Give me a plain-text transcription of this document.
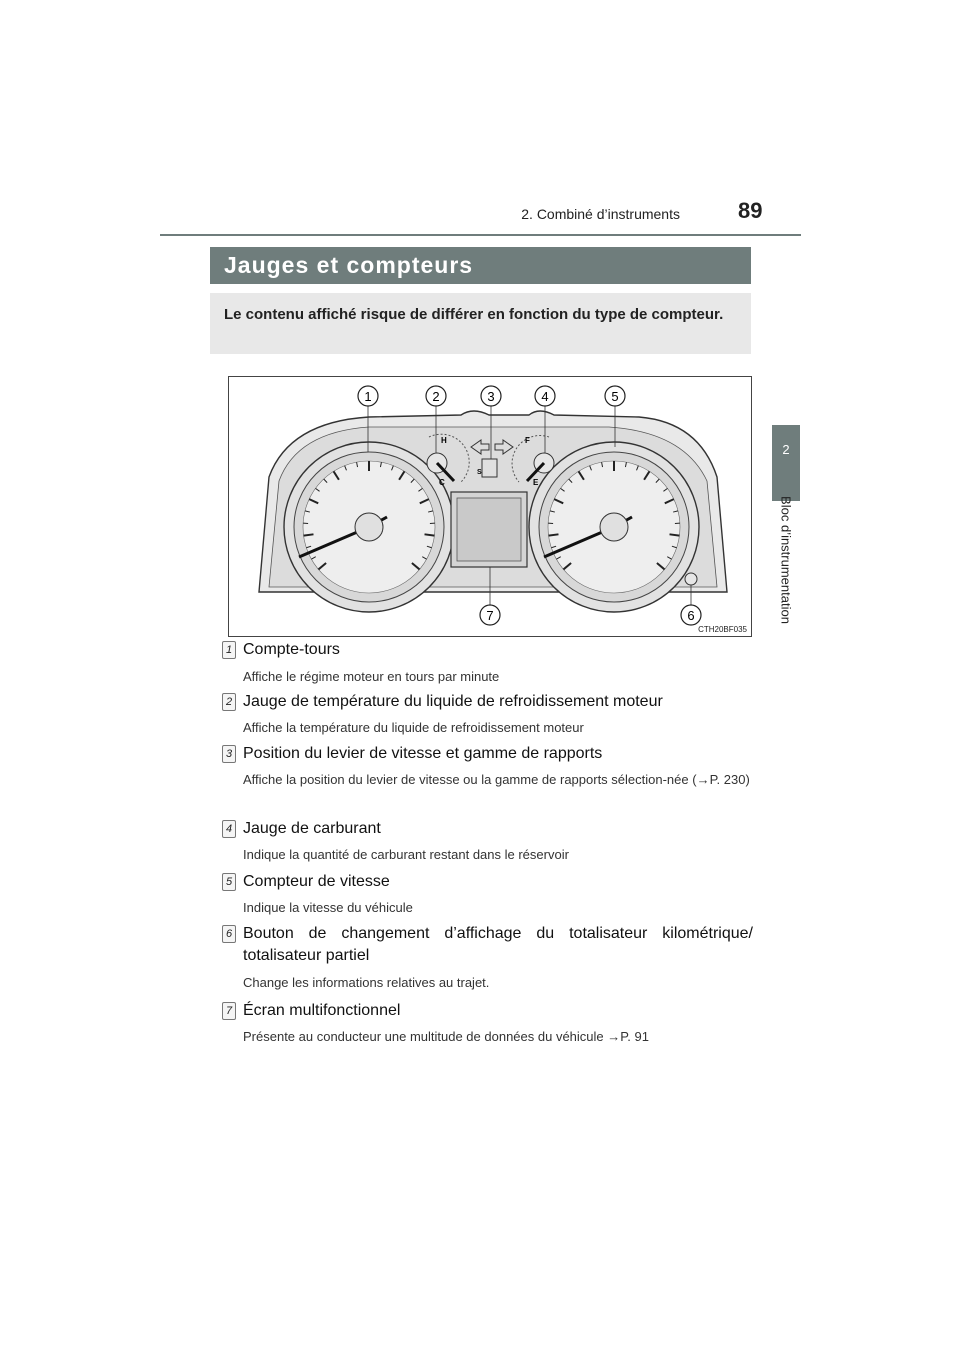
2. Combiné d’instruments	89
2
Bloc d’instrumentation
Jauges et compteurs
Le contenu affiché risque de différer en fonction du type de compteur.
H
C
S
F
E
1	2	3	4	5
6
7
CTH20BF035
1 Compte-tours
Affiche le régime moteur en tours par minute
2 Jauge de température du liquide de refroidissement moteur
Affiche la température du liquide de refroidissement moteur
3 Position du levier de vitesse et gamme de rapports
Affiche la position du levier de vitesse ou la gamme de rapports sélection-née (→P. 230)
4 Jauge de carburant
Indique la quantité de carburant restant dans le réservoir
5 Compteur de vitesse
Indique la vitesse du véhicule
6 Bouton de changement d’affichage du totalisateur kilométrique/ totalisateur partiel
Change les informations relatives au trajet.
7 Écran multifonctionnel
Présente au conducteur une multitude de données du véhicule →P. 91
